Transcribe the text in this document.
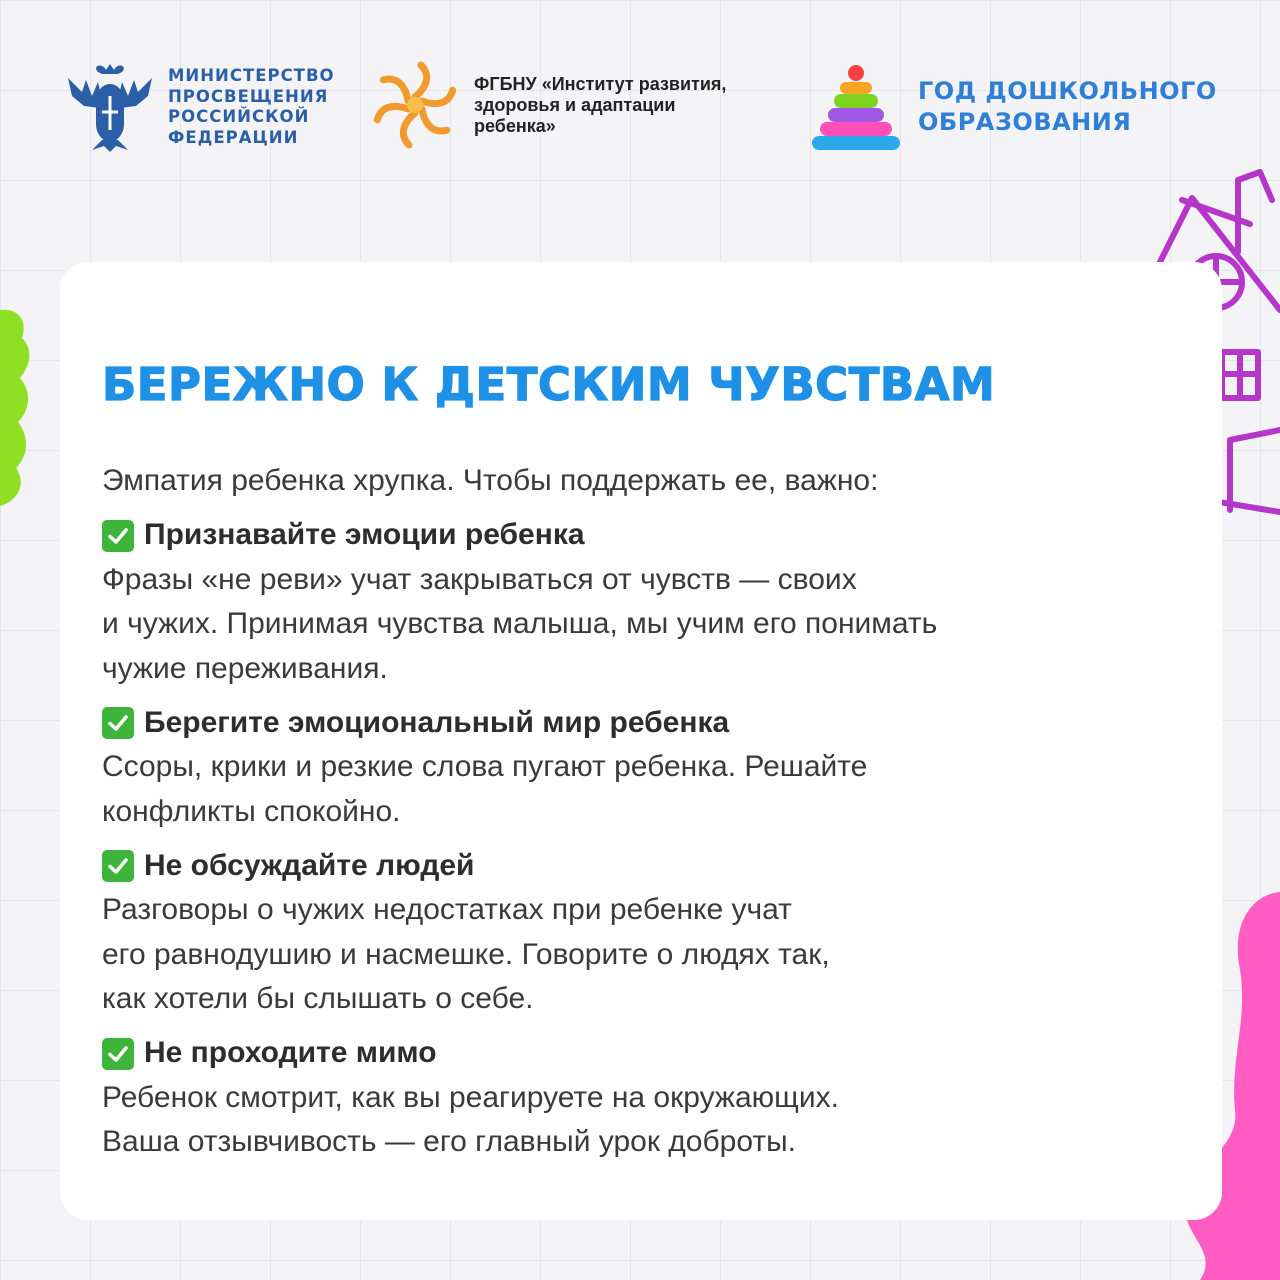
МИНИСТЕРСТВО
ПРОСВЕЩЕНИЯ
РОССИЙСКОЙ
ФЕДЕРАЦИИ
ФГБНУ «Институт развития,
здоровья и адаптации
ребенка»
ГОД ДОШКОЛЬНОГО
ОБРАЗОВАНИЯ
БЕРЕЖНО К ДЕТСКИМ ЧУВСТВАМ

Эмпатия ребенка хрупка. Чтобы поддержать ее, важно:

Признавайте эмоции ребенка
Фразы «не реви» учат закрываться от чувств — своих
и чужих. Принимая чувства малыша, мы учим его понимать
чужие переживания.
Берегите эмоциональный мир ребенка
Ссоры, крики и резкие слова пугают ребенка. Решайте
конфликты спокойно.
Не обсуждайте людей
Разговоры о чужих недостатках при ребенке учат
его равнодушию и насмешке. Говорите о людях так,
как хотели бы слышать о себе.
Не проходите мимо
Ребенок смотрит, как вы реагируете на окружающих.
Ваша отзывчивость — его главный урок доброты.
